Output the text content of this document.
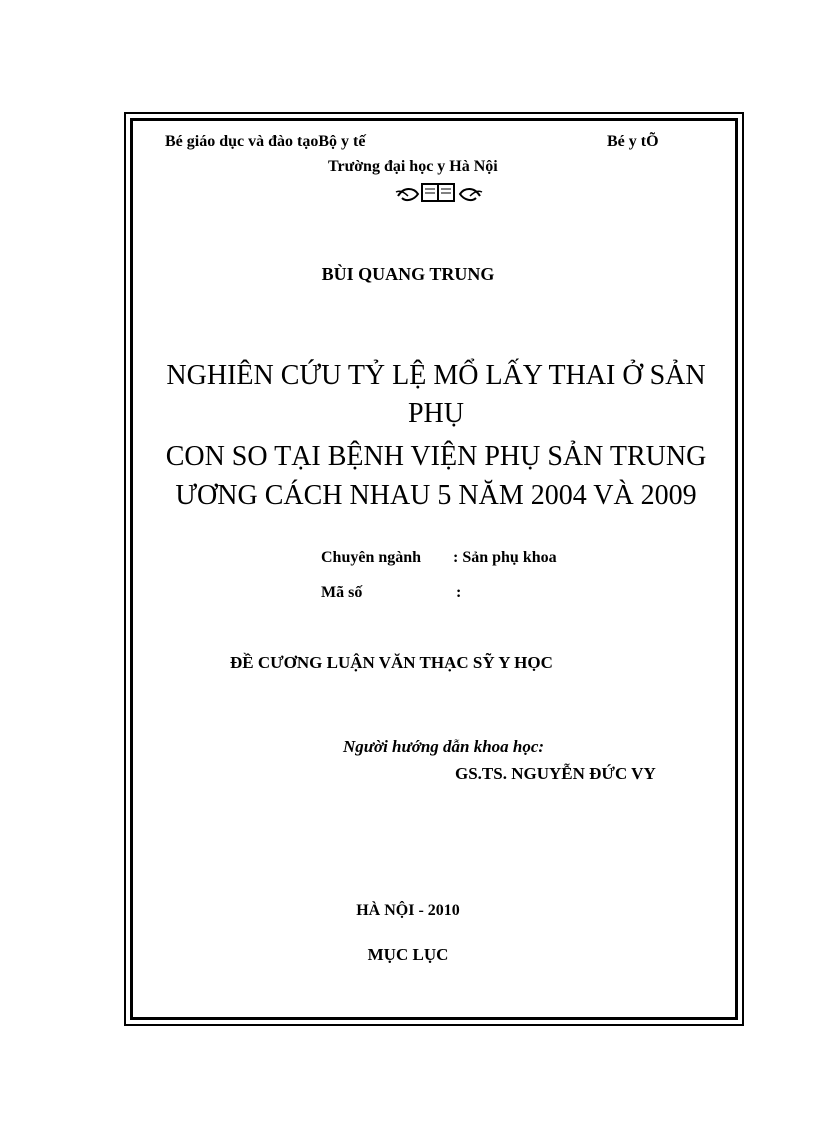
Bé giáo dục và đào tạoBộ y tế	Bé y tÕ
Trường đại học y Hà Nội
BÙI QUANG TRUNG
NGHIÊN CỨU TỶ LỆ MỔ LẤY THAI Ở SẢN
PHỤ
CON SO TẠI BỆNH VIỆN PHỤ SẢN TRUNG
ƯƠNG CÁCH NHAU 5 NĂM 2004 VÀ 2009
Chuyên ngành : Sản phụ khoa
Mã số	:
ĐỀ CƯƠNG LUẬN VĂN THẠC SỸ Y HỌC
Người hướng dẫn khoa học:
GS.TS. NGUYỄN ĐỨC VY
HÀ NỘI - 2010
MỤC LỤC
